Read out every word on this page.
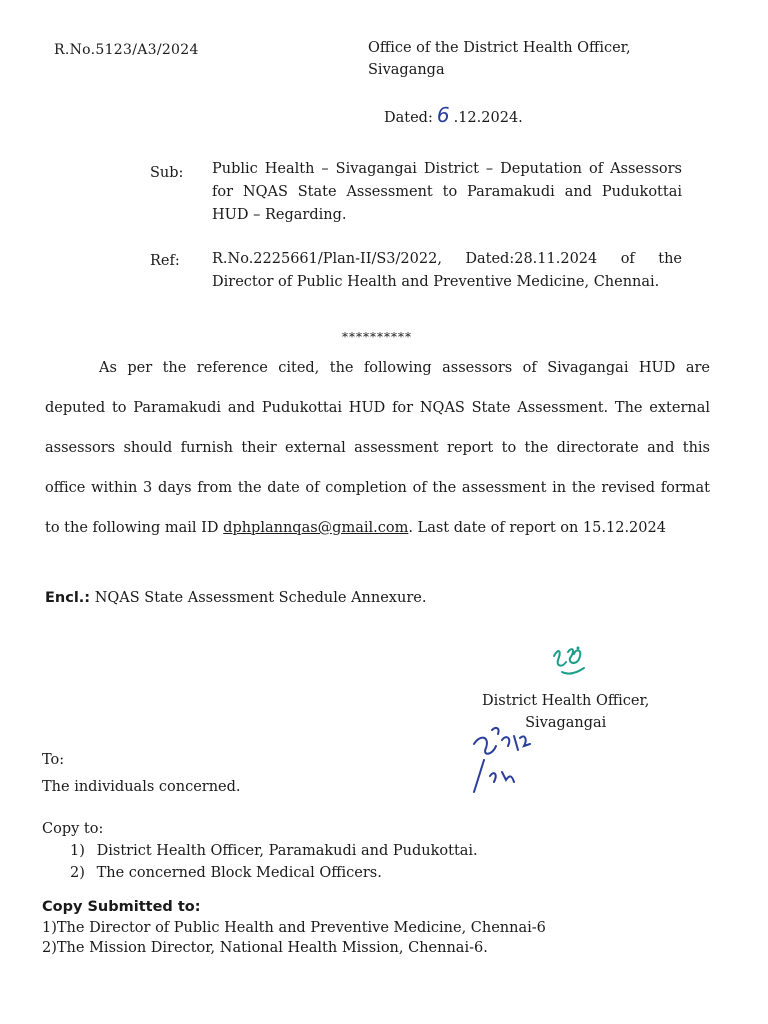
R.No.5123/A3/2024	Office of the District Health Officer,
Sivaganga
Dated: 6 .12.2024.
Sub: Public Health – Sivagangai District – Deputation of Assessors for NQAS State Assessment to Paramakudi and Pudukottai HUD – Regarding.
Ref: R.No.2225661/Plan-II/S3/2022, Dated:28.11.2024 of the Director of Public Health and Preventive Medicine, Chennai.
**********
As per the reference cited, the following assessors of Sivagangai HUD are deputed to Paramakudi and Pudukottai HUD for NQAS State Assessment. The external assessors should furnish their external assessment report to the directorate and this office within 3 days from the date of completion of the assessment in the revised format to the following mail ID dphplannqas@gmail.com. Last date of report on 15.12.2024
Encl.: NQAS State Assessment Schedule Annexure.
District Health Officer,
Sivagangai
To:
The individuals concerned.
Copy to:
1) District Health Officer, Paramakudi and Pudukottai.
2) The concerned Block Medical Officers.
Copy Submitted to:
1)The Director of Public Health and Preventive Medicine, Chennai-6
2)The Mission Director, National Health Mission, Chennai-6.
